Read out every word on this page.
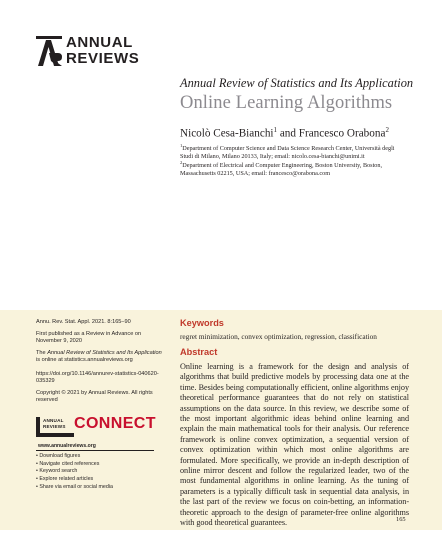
ANNUAL
REVIEWS
Annual Review of Statistics and Its Application
Online Learning Algorithms
Nicolò Cesa-Bianchi$^1$ and Francesco Orabona$^2$
$^1$Department of Computer Science and Data Science Research Center, Università degli Studi di Milano, Milano 20133, Italy; email: nicolo.cesa-bianchi@unimi.it
$^2$Department of Electrical and Computer Engineering, Boston University, Boston, Massachusetts 02215, USA; email: francesco@orabona.com
Annu. Rev. Stat. Appl. 2021. 8:165–90
First published as a Review in Advance on November 9, 2020
The Annual Review of Statistics and Its Application is online at statistics.annualreviews.org
https://doi.org/10.1146/annurev-statistics-040620-035329
Copyright © 2021 by Annual Reviews. All rights reserved
ANNUAL
REVIEWS CONNECT
www.annualreviews.org
• Download figures
• Navigate cited references
• Keyword search
• Explore related articles
• Share via email or social media
Keywords
regret minimization, convex optimization, regression, classification
Abstract
Online learning is a framework for the design and analysis of algorithms that build predictive models by processing data one at the time. Besides being computationally efficient, online algorithms enjoy theoretical performance guarantees that do not rely on statistical assumptions on the data source. In this review, we describe some of the most important algorithmic ideas behind online learning and explain the main mathematical tools for their analysis. Our reference framework is online convex optimization, a sequential version of convex optimization within which most online algorithms are formulated. More specifically, we provide an in-depth description of online mirror descent and follow the regularized leader, two of the most fundamental algorithms in online learning. As the tuning of parameters is a typically difficult task in sequential data analysis, in the last part of the review we focus on coin-betting, an information-theoretic approach to the design of parameter-free online algorithms with good theoretical guarantees.	165
